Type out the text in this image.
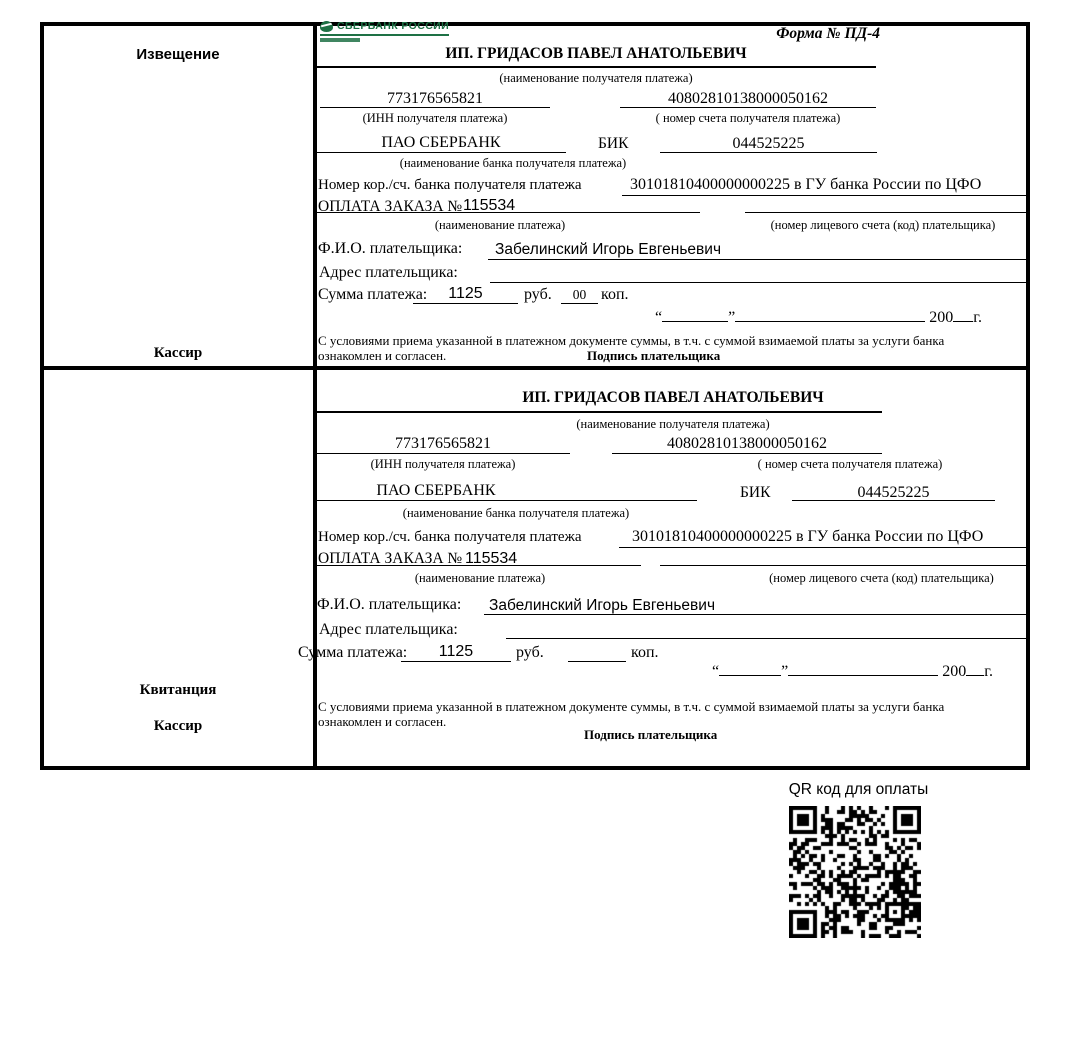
Извещение
Кассир
СБЕРБАНК РОССИИ	Форма № ПД-4
ИП. ГРИДАСОВ ПАВЕЛ АНАТОЛЬЕВИЧ
(наименование получателя платежа)
773176565821	40802810138000050162
(ИНН получателя платежа)	( номер счета получателя платежа)
ПАО СБЕРБАНК	БИК	044525225
(наименование банка получателя платежа)
Номер кор./сч. банка получателя платежа	30101810400000000225 в ГУ банка России по ЦФО
ОПЛАТА ЗАКАЗА № 115534
(наименование платежа)	(номер лицевого счета (код) плательщика)
Ф.И.О. плательщика: Забелинский Игорь Евгеньевич
Адрес плательщика:
Сумма платежа:	1125	руб.	00 коп.
“	”	200 г.
С условиями приема указанной в платежном документе суммы, в т.ч. с суммой взимаемой платы за услуги банка
ознакомлен и согласен.	Подпись плательщика
Квитанция
Кассир
ИП. ГРИДАСОВ ПАВЕЛ АНАТОЛЬЕВИЧ
(наименование получателя платежа)
773176565821	40802810138000050162
(ИНН получателя платежа)	( номер счета получателя платежа)
ПАО СБЕРБАНК	БИК	044525225
(наименование банка получателя платежа)
Номер кор./сч. банка получателя платежа	30101810400000000225 в ГУ банка России по ЦФО
ОПЛАТА ЗАКАЗА № 115534
(наименование платежа)	(номер лицевого счета (код) плательщика)
Ф.И.О. плательщика: Забелинский Игорь Евгеньевич
Адрес плательщика:
Сумма платежа:	1125	руб.	коп.
“	”	200 г.
С условиями приема указанной в платежном документе суммы, в т.ч. с суммой взимаемой платы за услуги банка
ознакомлен и согласен.
Подпись плательщика
QR код для оплаты
